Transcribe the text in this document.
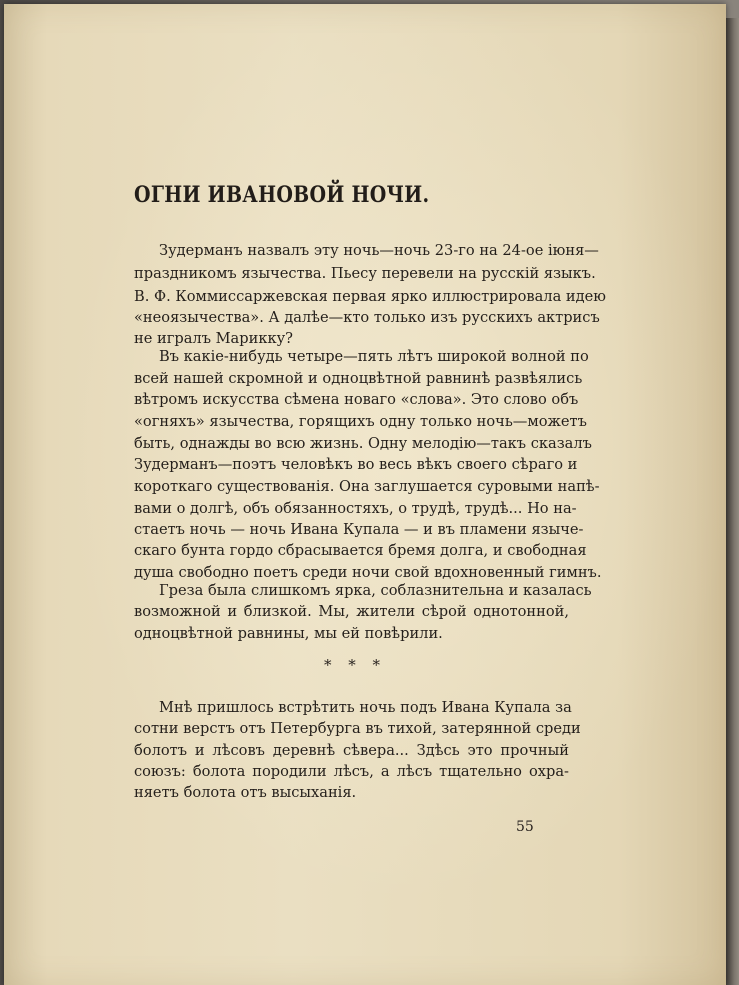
ОГНИ ИВАНОВОЙ НОЧИ.

Зудерманъ назвалъ эту ночь—ночь 23-го на 24-ое іюня—

праздникомъ язычества. Пьесу перевели на русскій языкъ.

В. Ф. Коммиссаржевская первая ярко иллюстрировала идею

«неоязычества». А далѣе—кто только изъ русскихъ актрисъ

не игралъ Марикку?

Въ какіе-нибудь четыре—пять лѣтъ широкой волной по

всей нашей скромной и одноцвѣтной равнинѣ развѣялись

вѣтромъ искусства сѣмена новаго «слова». Это слово объ

«огняхъ» язычества, горящихъ одну только ночь—можетъ

быть, однажды во всю жизнь. Одну мелодію—такъ сказалъ

Зудерманъ—поэтъ человѣкъ во весь вѣкъ своего сѣраго и

короткаго существованія. Она заглушается суровыми напѣ-

вами о долгѣ, объ обязанностяхъ, о трудѣ, трудѣ... Но на-

стаетъ ночь — ночь Ивана Купала — и въ пламени языче-

скаго бунта гордо сбрасывается бремя долга, и свободная

душа свободно поетъ среди ночи свой вдохновенный гимнъ.

Греза была слишкомъ ярка, соблазнительна и казалась

возможной и близкой. Мы, жители сѣрой однотонной,

одноцвѣтной равнины, мы ей повѣрили.

* * *

Мнѣ пришлось встрѣтить ночь подъ Ивана Купала за

сотни верстъ отъ Петербурга въ тихой, затерянной среди

болотъ и лѣсовъ деревнѣ сѣвера... Здѣсь это прочный

союзъ: болота породили лѣсъ, а лѣсъ тщательно охра-

няетъ болота отъ высыханія.

55
